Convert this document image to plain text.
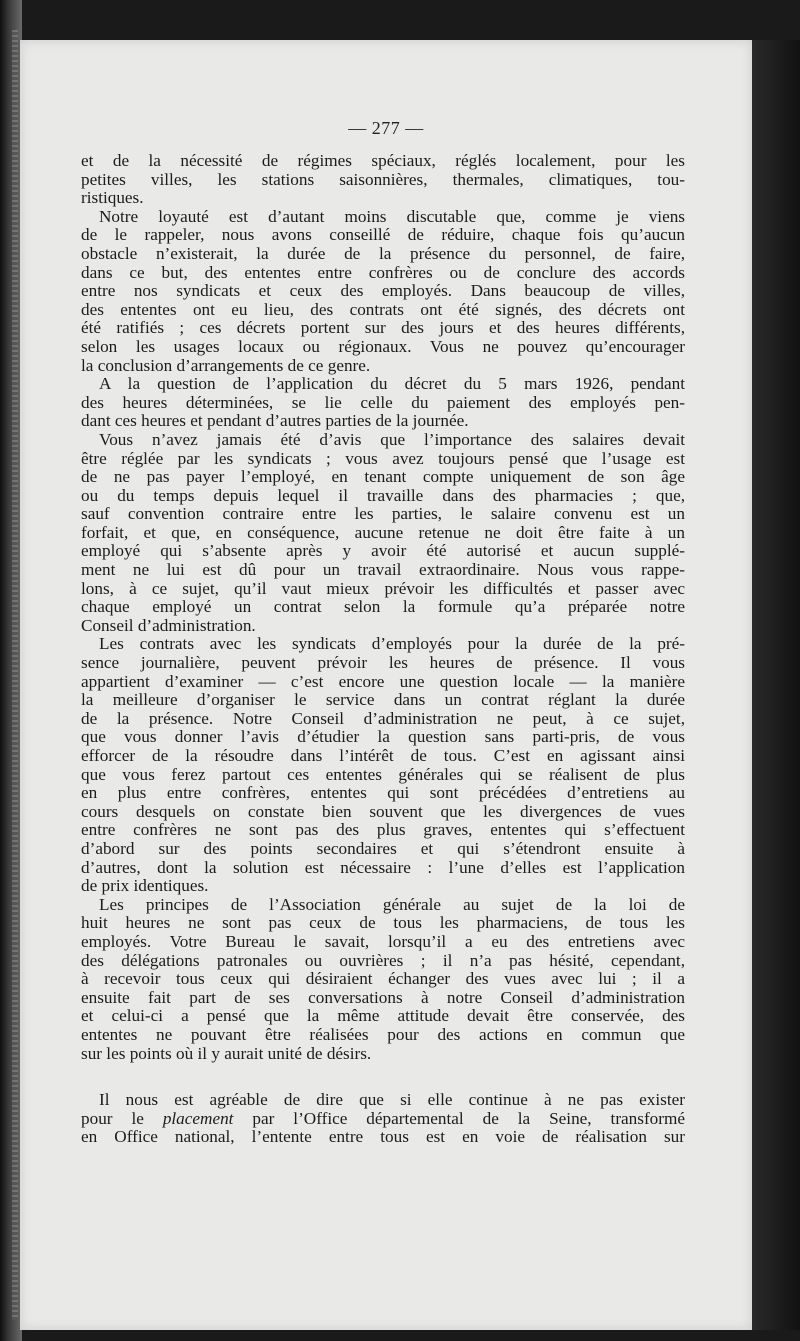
— 277 —
et de la nécessité de régimes spéciaux, réglés localement, pour les
petites villes, les stations saisonnières, thermales, climatiques, tou-
ristiques.
Notre loyauté est d’autant moins discutable que, comme je viens
de le rappeler, nous avons conseillé de réduire, chaque fois qu’aucun
obstacle n’existerait, la durée de la présence du personnel, de faire,
dans ce but, des ententes entre confrères ou de conclure des accords
entre nos syndicats et ceux des employés. Dans beaucoup de villes,
des ententes ont eu lieu, des contrats ont été signés, des décrets ont
été ratifiés ; ces décrets portent sur des jours et des heures différents,
selon les usages locaux ou régionaux. Vous ne pouvez qu’encourager
la conclusion d’arrangements de ce genre.
A la question de l’application du décret du 5 mars 1926, pendant
des heures déterminées, se lie celle du paiement des employés pen-
dant ces heures et pendant d’autres parties de la journée.
Vous n’avez jamais été d’avis que l’importance des salaires devait
être réglée par les syndicats ; vous avez toujours pensé que l’usage est
de ne pas payer l’employé, en tenant compte uniquement de son âge
ou du temps depuis lequel il travaille dans des pharmacies ; que,
sauf convention contraire entre les parties, le salaire convenu est un
forfait, et que, en conséquence, aucune retenue ne doit être faite à un
employé qui s’absente après y avoir été autorisé et aucun supplé-
ment ne lui est dû pour un travail extraordinaire. Nous vous rappe-
lons, à ce sujet, qu’il vaut mieux prévoir les difficultés et passer avec
chaque employé un contrat selon la formule qu’a préparée notre
Conseil d’administration.
Les contrats avec les syndicats d’employés pour la durée de la pré-
sence journalière, peuvent prévoir les heures de présence. Il vous
appartient d’examiner — c’est encore une question locale — la manière
la meilleure d’organiser le service dans un contrat réglant la durée
de la présence. Notre Conseil d’administration ne peut, à ce sujet,
que vous donner l’avis d’étudier la question sans parti-pris, de vous
efforcer de la résoudre dans l’intérêt de tous. C’est en agissant ainsi
que vous ferez partout ces ententes générales qui se réalisent de plus
en plus entre confrères, ententes qui sont précédées d’entretiens au
cours desquels on constate bien souvent que les divergences de vues
entre confrères ne sont pas des plus graves, ententes qui s’effectuent
d’abord sur des points secondaires et qui s’étendront ensuite à
d’autres, dont la solution est nécessaire : l’une d’elles est l’application
de prix identiques.
Les principes de l’Association générale au sujet de la loi de
huit heures ne sont pas ceux de tous les pharmaciens, de tous les
employés. Votre Bureau le savait, lorsqu’il a eu des entretiens avec
des délégations patronales ou ouvrières ; il n’a pas hésité, cependant,
à recevoir tous ceux qui désiraient échanger des vues avec lui ; il a
ensuite fait part de ses conversations à notre Conseil d’administration
et celui-ci a pensé que la même attitude devait être conservée, des
ententes ne pouvant être réalisées pour des actions en commun que
sur les points où il y aurait unité de désirs.
Il nous est agréable de dire que si elle continue à ne pas exister
pour le placement par l’Office départemental de la Seine, transformé
en Office national, l’entente entre tous est en voie de réalisation sur
